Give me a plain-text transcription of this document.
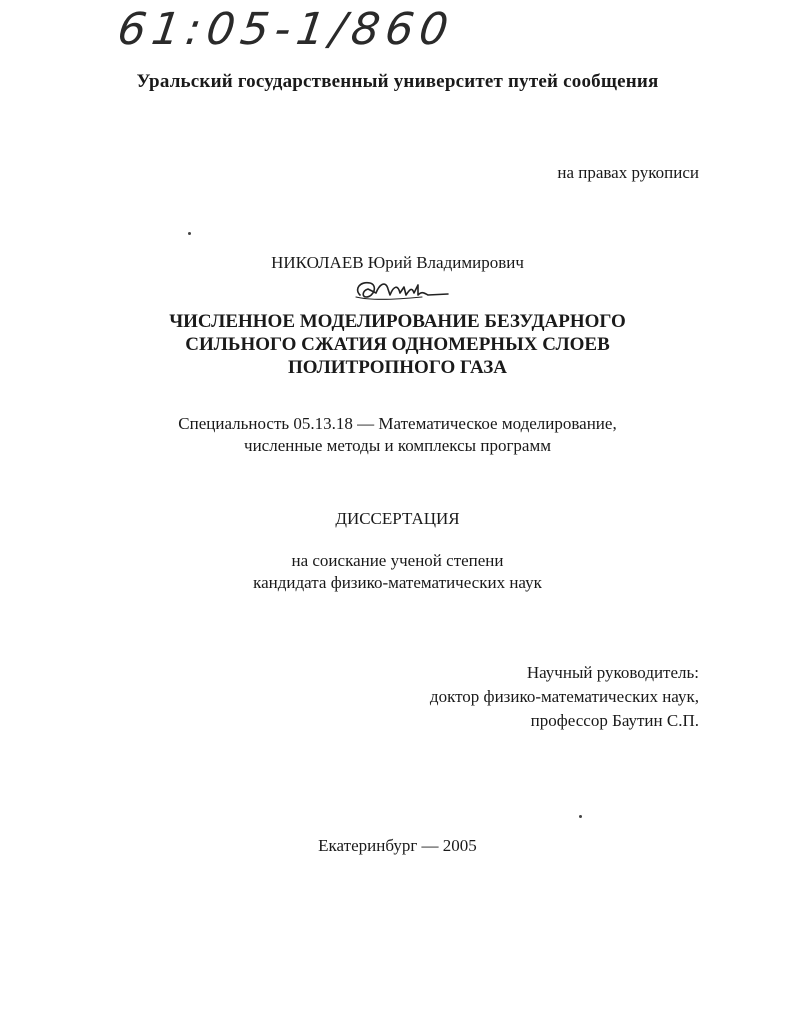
61:05-1/860
Уральский государственный университет путей сообщения
на правах рукописи
НИКОЛАЕВ Юрий Владимирович
ЧИСЛЕННОЕ МОДЕЛИРОВАНИЕ БЕЗУДАРНОГО
СИЛЬНОГО СЖАТИЯ ОДНОМЕРНЫХ СЛОЕВ
ПОЛИТРОПНОГО ГАЗА
Специальность 05.13.18 — Математическое моделирование,
численные методы и комплексы программ
ДИССЕРТАЦИЯ
на соискание ученой степени
кандидата физико-математических наук
Научный руководитель:
доктор физико-математических наук,
профессор Баутин С.П.
Екатеринбург — 2005
